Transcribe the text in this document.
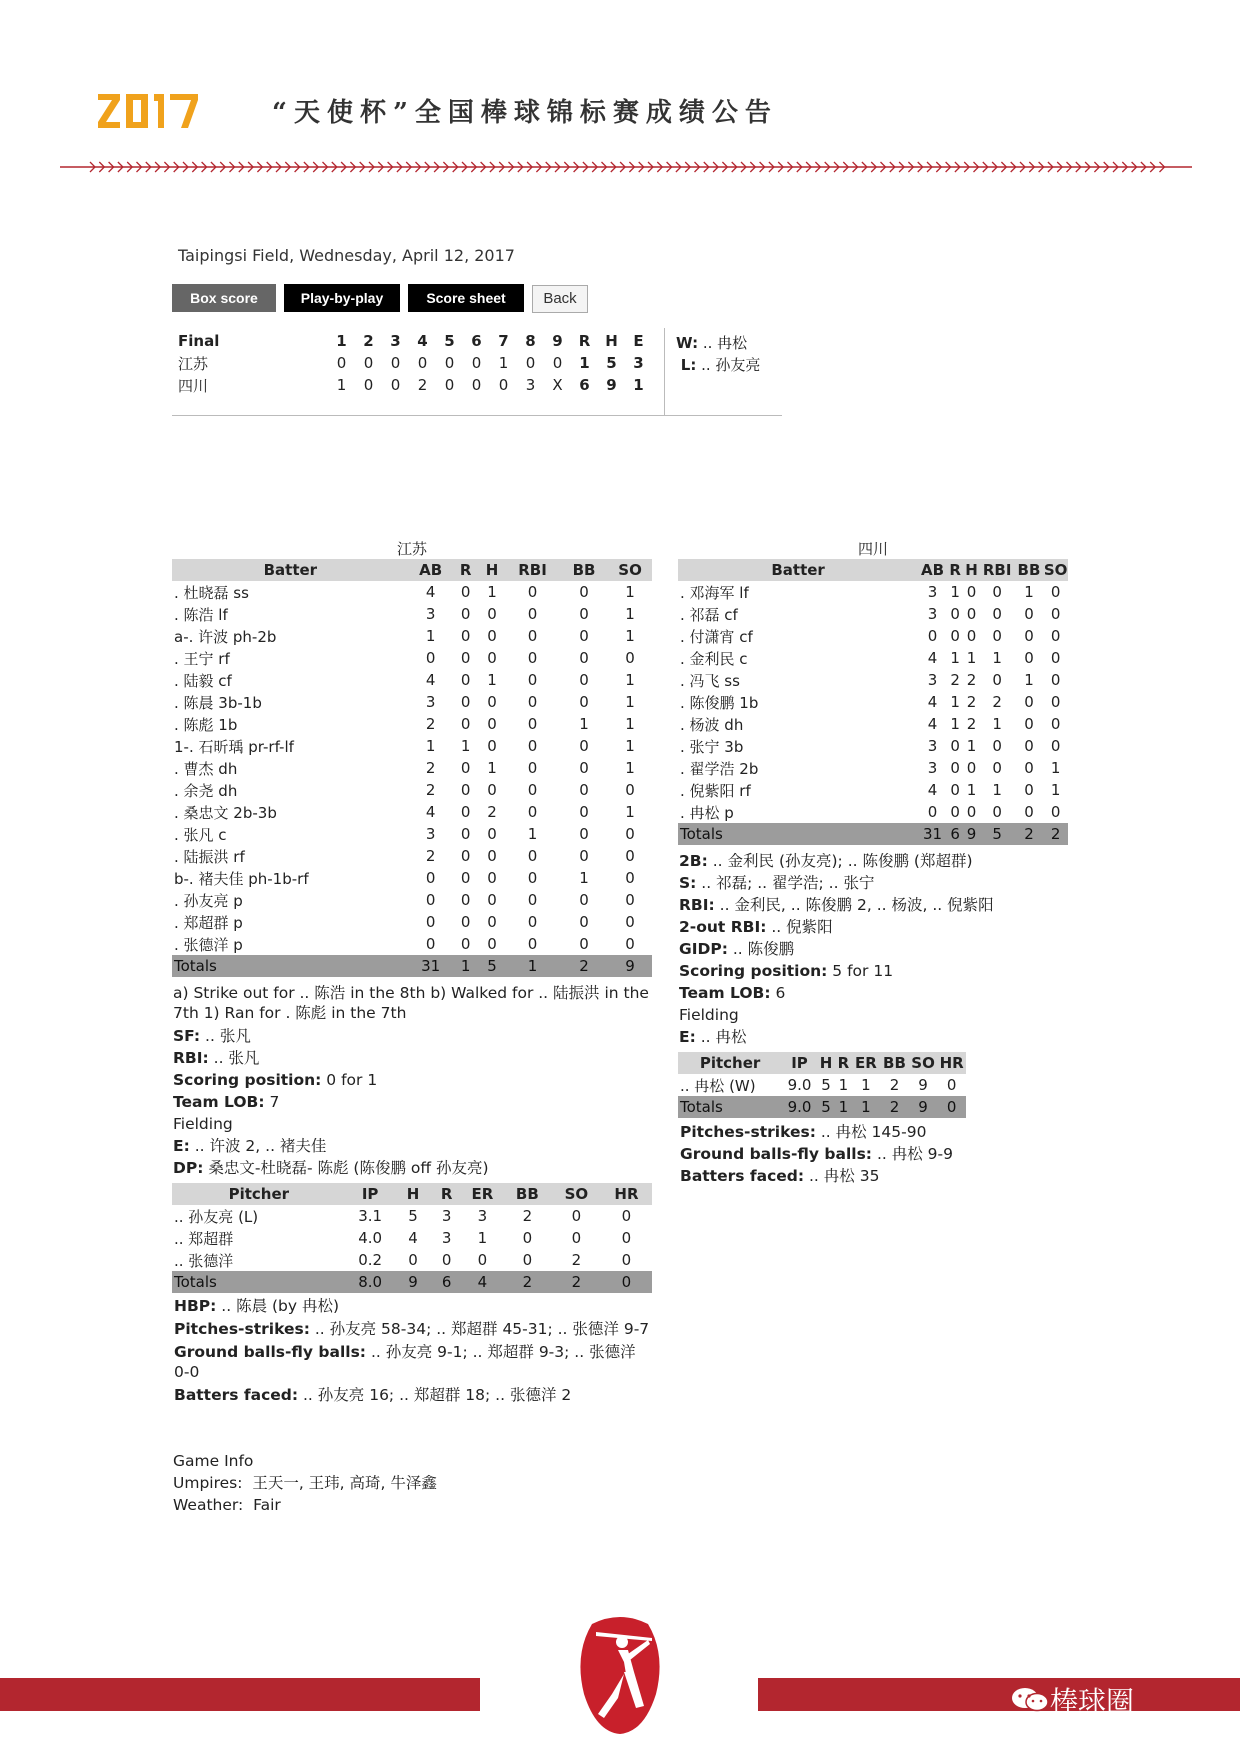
“天使杯”全国棒球锦标赛成绩公告
Taipingsi Field, Wednesday, April 12, 2017
Box score	Play-by-play	Score sheet	Back
Final	1	2	3	4	5	6	7	8	9	R	H	E
江苏	0	0	0	0	0	0	1	0	0	1	5	3
四川	1	0	0	2	0	0	0	3	X	6	9	1
W: .. 冉松
L: .. 孙友亮
江苏
Batter	AB	R	H	RBI	BB	SO
. 杜晓磊 ss	4	0	1	0	0	1
. 陈浩 lf	3	0	0	0	0	1
a-. 许波 ph-2b	1	0	0	0	0	1
. 王宁 rf	0	0	0	0	0	0
. 陆毅 cf	4	0	1	0	0	1
. 陈晨 3b-1b	3	0	0	0	0	1
. 陈彪 1b	2	0	0	0	1	1
1-. 石昕瑀 pr-rf-lf	1	1	0	0	0	1
. 曹杰 dh	2	0	1	0	0	1
. 余尧 dh	2	0	0	0	0	0
. 桑忠文 2b-3b	4	0	2	0	0	1
. 张凡 c	3	0	0	1	0	0
. 陆振洪 rf	2	0	0	0	0	0
b-. 褚夫佳 ph-1b-rf	0	0	0	0	1	0
. 孙友亮 p	0	0	0	0	0	0
. 郑超群 p	0	0	0	0	0	0
. 张德洋 p	0	0	0	0	0	0
Totals	31	1	5	1	2	9

a) Strike out for .. 陈浩 in the 8th b) Walked for .. 陆振洪 in the 7th 1) Ran for . 陈彪 in the 7th

SF: .. 张凡

RBI: .. 张凡

Scoring position: 0 for 1

Team LOB: 7

Fielding

E: .. 许波 2, .. 褚夫佳

DP: 桑忠文-杜晓磊- 陈彪 (陈俊鹏 off 孙友亮)

Pitcher	IP	H	R	ER	BB	SO	HR
.. 孙友亮 (L)	3.1	5	3	3	2	0	0
.. 郑超群	4.0	4	3	1	0	0	0
.. 张德洋	0.2	0	0	0	0	2	0
Totals	8.0	9	6	4	2	2	0

HBP: .. 陈晨 (by 冉松)

Pitches-strikes: .. 孙友亮 58-34; .. 郑超群 45-31; .. 张德洋 9-7

Ground balls-fly balls: .. 孙友亮 9-1; .. 郑超群 9-3; .. 张德洋 0-0

Batters faced: .. 孙友亮 16; .. 郑超群 18; .. 张德洋 2

四川
Batter	AB	R	H	RBI	BB	SO
. 邓海军 lf	3	1	0	0	1	0
. 祁磊 cf	3	0	0	0	0	0
. 付潇宵 cf	0	0	0	0	0	0
. 金利民 c	4	1	1	1	0	0
. 冯飞 ss	3	2	2	0	1	0
. 陈俊鹏 1b	4	1	2	2	0	0
. 杨波 dh	4	1	2	1	0	0
. 张宁 3b	3	0	1	0	0	0
. 翟学浩 2b	3	0	0	0	0	1
. 倪紫阳 rf	4	0	1	1	0	1
. 冉松 p	0	0	0	0	0	0
Totals	31	6	9	5	2	2

2B: .. 金利民 (孙友亮); .. 陈俊鹏 (郑超群)

S: .. 祁磊; .. 翟学浩; .. 张宁

RBI: .. 金利民, .. 陈俊鹏 2, .. 杨波, .. 倪紫阳

2-out RBI: .. 倪紫阳

GIDP: .. 陈俊鹏

Scoring position: 5 for 11

Team LOB: 6

Fielding

E: .. 冉松

Pitcher	IP	H	R	ER	BB	SO	HR
.. 冉松 (W)	9.0	5	1	1	2	9	0
Totals	9.0	5	1	1	2	9	0

Pitches-strikes: .. 冉松 145-90

Ground balls-fly balls: .. 冉松 9-9

Batters faced: .. 冉松 35

Game Info

Umpires: 王天一, 王玮, 高琦, 牛泽鑫

Weather: Fair

棒球圈
